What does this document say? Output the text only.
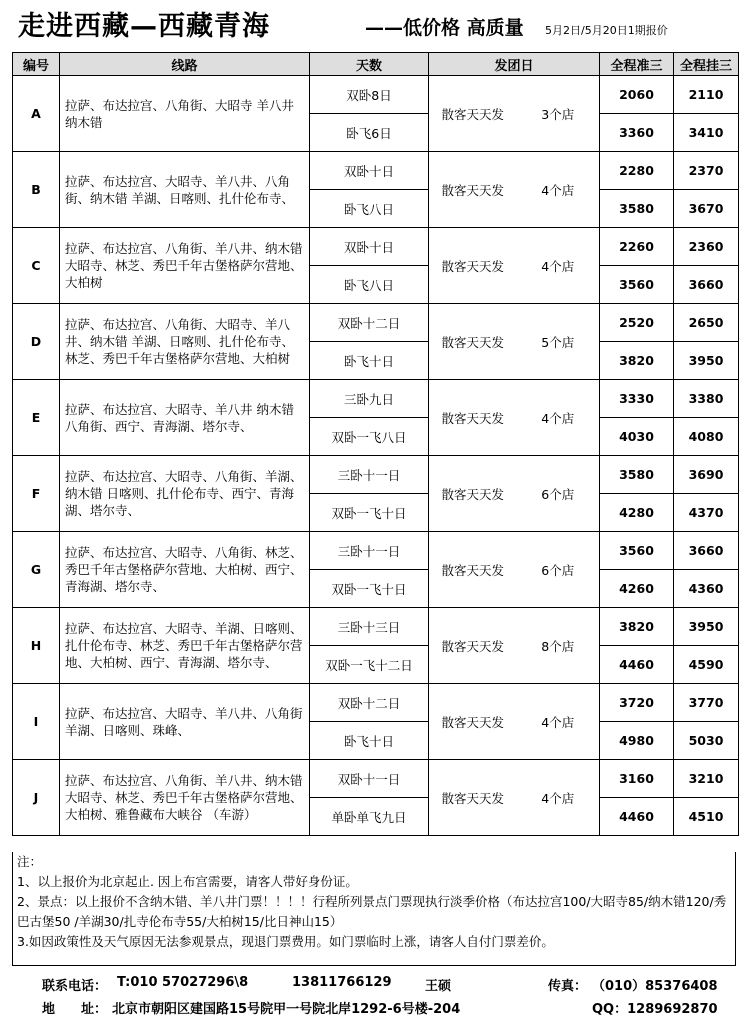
走进西藏—西藏青海	——低价格 高质量 5月2日/5月20日1期报价
编号	线路	天数	发团日		全程准三	全程挂三
A	拉萨、布达拉宫、八角街、大昭寺 羊八井 纳木错	双卧8日	散客天天发	3个店	2060	2110
		卧飞6日			3360	3410
B	拉萨、布达拉宫、大昭寺、羊八井、八角街、纳木错 羊湖、日喀则、扎什伦布寺、	双卧十日	散客天天发	4个店	2280	2370
		卧飞八日			3580	3670
C	拉萨、布达拉宫、八角街、羊八井、纳木错 大昭寺、林芝、秀巴千年古堡格萨尔营地、大柏树	双卧十日	散客天天发	4个店	2260	2360
		卧飞八日			3560	3660
D	拉萨、布达拉宫、八角街、大昭寺、羊八井、纳木错 羊湖、日喀则、扎什伦布寺、林芝、秀巴千年古堡格萨尔营地、大柏树	双卧十二日	散客天天发	5个店	2520	2650
		卧飞十日			3820	3950
E	拉萨、布达拉宫、大昭寺、羊八井 纳木错 八角街、西宁、青海湖、塔尔寺、	三卧九日	散客天天发	4个店	3330	3380
		双卧一飞八日			4030	4080
F	拉萨、布达拉宫、大昭寺、八角街、羊湖、纳木错 日喀则、扎什伦布寺、西宁、青海湖、塔尔寺、	三卧十一日	散客天天发	6个店	3580	3690
		双卧一飞十日			4280	4370
G	拉萨、布达拉宫、大昭寺、八角街、林芝、秀巴千年古堡格萨尔营地、大柏树、西宁、青海湖、塔尔寺、	三卧十一日	散客天天发	6个店	3560	3660
		双卧一飞十日			4260	4360
H	拉萨、布达拉宫、大昭寺、羊湖、日喀则、扎什伦布寺、林芝、秀巴千年古堡格萨尔营地、大柏树、西宁、青海湖、塔尔寺、	三卧十三日	散客天天发	8个店	3820	3950
		双卧一飞十二日			4460	4590
I	拉萨、布达拉宫、大昭寺、羊八井、八角街羊湖、日喀则、珠峰、	双卧十二日	散客天天发	4个店	3720	3770
		卧飞十日			4980	5030
J	拉萨、布达拉宫、八角街、羊八井、纳木错 大昭寺、林芝、秀巴千年古堡格萨尔营地、大柏树、雅鲁藏布大峡谷 （车游）	双卧十一日	散客天天发	4个店	3160	3210
		单卧单飞九日			4460	4510

注：

1、以上报价为北京起止. 因上布宫需要，请客人带好身份证。

2、景点：以上报价不含纳木错、羊八井门票！！！！行程所列景点门票现执行淡季价格（布达拉宫100/大昭寺85/纳木错120/秀巴古堡50 /羊湖30/扎寺伦布寺55/大柏树15/比日神山15）

3.如因政策性及天气原因无法参观景点，现退门票费用。如门票临时上涨，请客人自付门票差价。

联系电话： T:010 57027296\8	13811766129	王硕	传真： （010）85376408
地　　址： 北京市朝阳区建国路15号院甲一号院北岸1292-6号楼-204	QQ：1289692870
